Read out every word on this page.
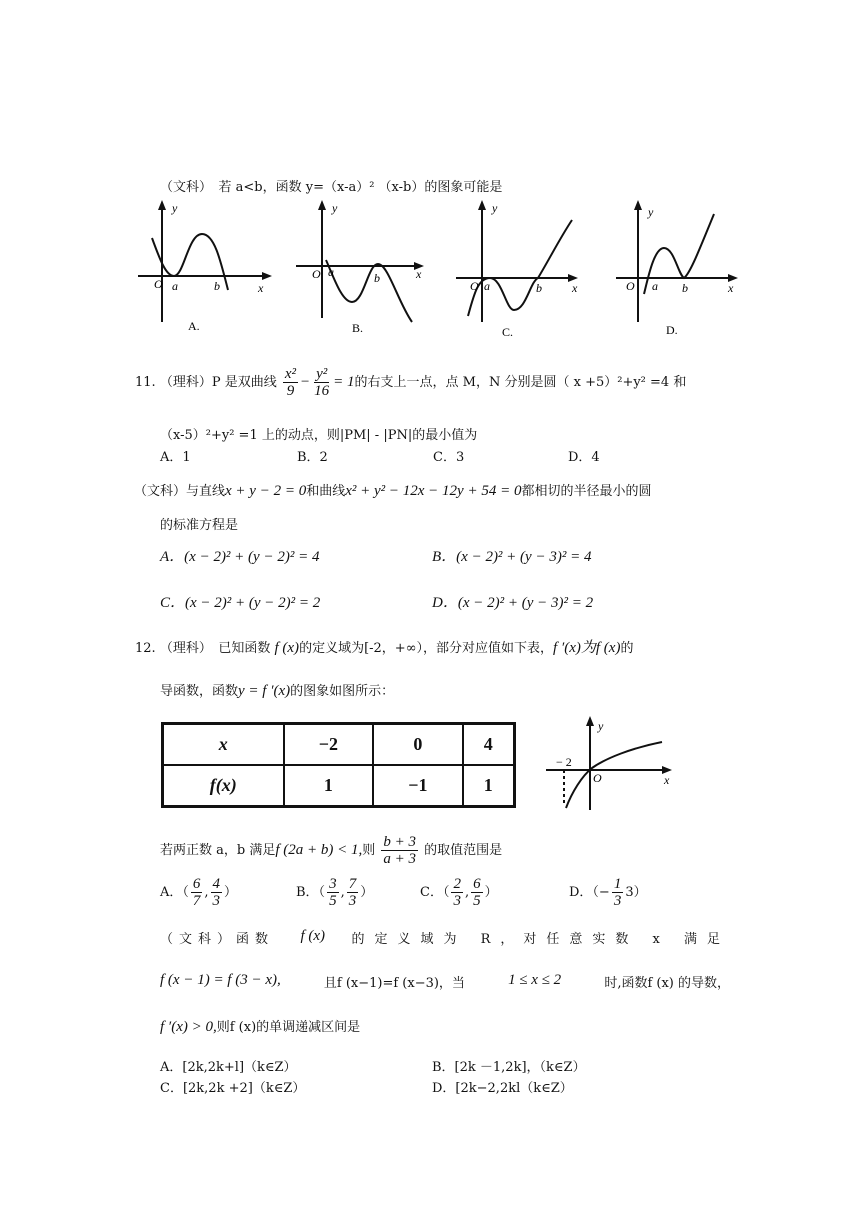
（文科）　若 a<b，函数 y=（x-a）² （x-b）的图象可能是
y
O a	b	x
A.
y
O a	b	x
B.
y
O a	b	x
C.
y
O a b	x
D.
11. （理科）P 是双曲线 $\frac{\text{x²}}{9} - \frac{\text{y²}}{16} = 1$的右支上一点，点 M，N 分别是圆（ x +5）²+y² =4 和
（x-5）²+y² =1 上的动点，则|PM| - |PN|的最小值为
A．1	B．2	C．3	D．4
（文科）与直线x + y − 2 = 0和曲线x² + y² − 12x − 12y + 54 = 0都相切的半径最小的圆
的标准方程是
A．(x − 2)² + (y − 2)² = 4	B．(x − 2)² + (y − 3)² = 4
C．(x − 2)² + (y − 2)² = 2	D．(x − 2)² + (y − 3)² = 2
12. （理科）　已知函数 f (x)的定义域为[-2，+∞），部分对应值如下表，f ′(x)为f (x)的
导函数，函数y = f ′(x)的图象如图所示：
x	−2	0	4
f(x)	1	−1	1
y
x
O
− 2
若两正数 a，b 满足f (2a + b) < 1,则 $\frac{b + 3}{a + 3}$ 的取值范围是
A．（ $\frac{6}{7}$ , $\frac{4}{3}$ ）	B．（ $\frac{3}{5}$ , $\frac{7}{3}$ ）	C．（ $\frac{2}{3}$ , $\frac{6}{5}$ ）	D．（− $\frac{1}{3} 3$）
（文科）函数 f (x) 的定义域为 R，对任意实数 x 满足
f (x − 1) = f (3 − x),	且f (x−1)=f (x−3)，当	1 ≤ x ≤ 2	时,函数f (x) 的导数，
f ′(x) > 0,则f (x)的单调递减区间是
A．[2k,2k+l]（k∈Z）	B．[2k －1,2k]，（k∈Z）
C．[2k,2k +2]（k∈Z）	D．[2k−2,2kl（k∈Z）
